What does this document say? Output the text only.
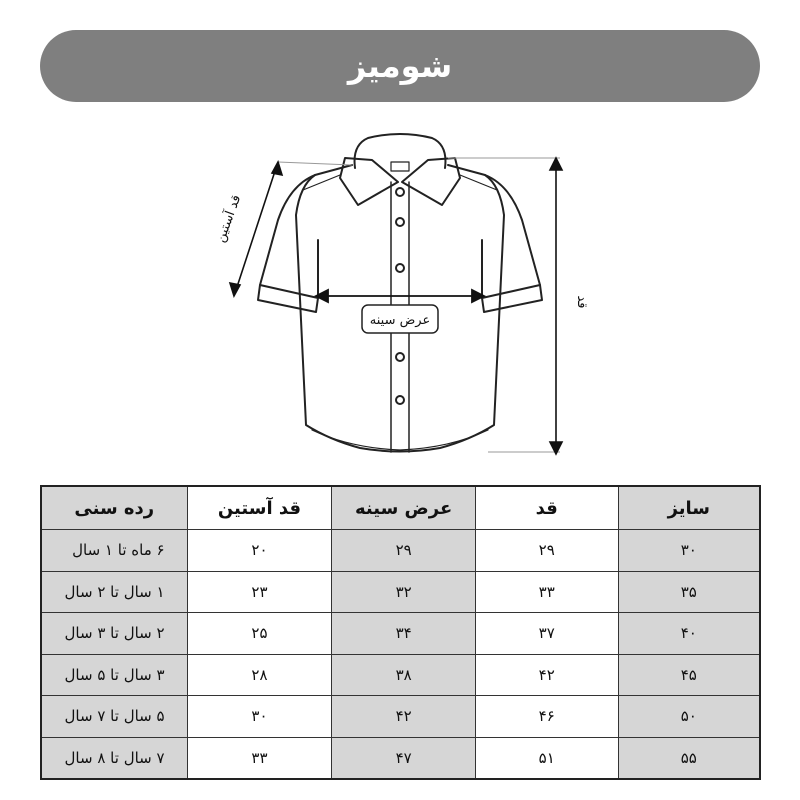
شومیز
قد آستین
عرض سینه
قد
سایز	قد	عرض سینه	قد آستین	رده سنی
۳۰	۲۹	۲۹	۲۰	۶ ماه تا ۱ سال
۳۵	۳۳	۳۲	۲۳	۱ سال تا ۲ سال
۴۰	۳۷	۳۴	۲۵	۲ سال تا ۳ سال
۴۵	۴۲	۳۸	۲۸	۳ سال تا ۵ سال
۵۰	۴۶	۴۲	۳۰	۵ سال تا ۷ سال
۵۵	۵۱	۴۷	۳۳	۷ سال تا ۸ سال
